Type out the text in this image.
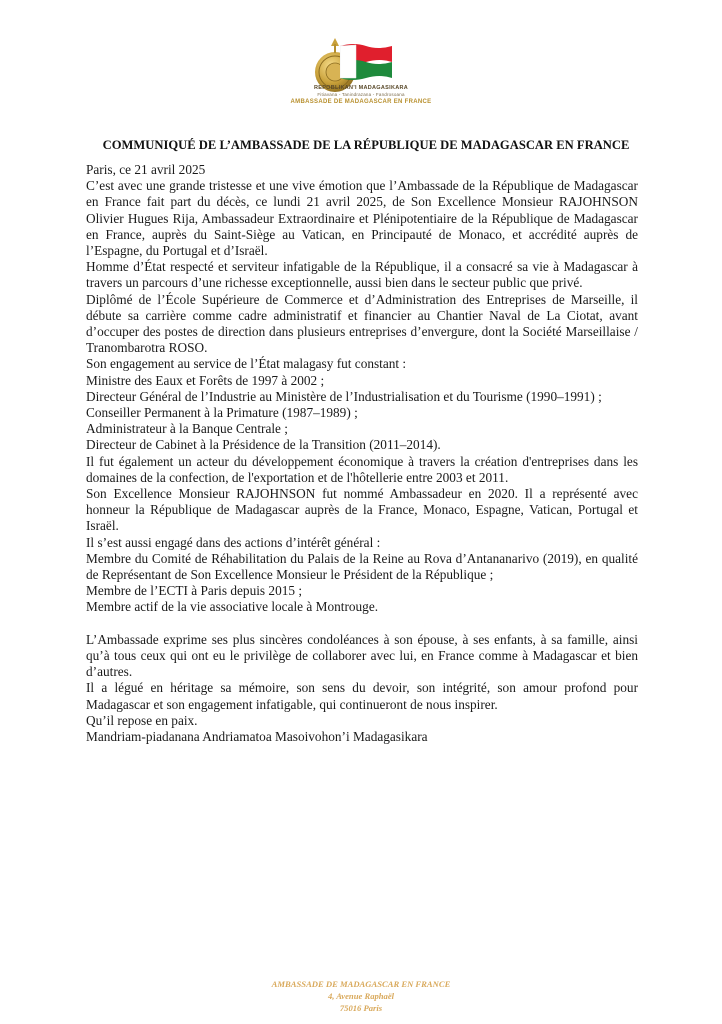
REPOBLIKAN'I MADAGASIKARA
Fitiavana - Tanindrazana - Fandrosoana
AMBASSADE DE MADAGASCAR EN FRANCE
COMMUNIQUÉ DE L’AMBASSADE DE LA RÉPUBLIQUE DE MADAGASCAR EN FRANCE

Paris, ce 21 avril 2025

C’est avec une grande tristesse et une vive émotion que l’Ambassade de la République de Madagascar en France fait part du décès, ce lundi 21 avril 2025, de Son Excellence Monsieur RAJOHNSON Olivier Hugues Rija, Ambassadeur Extraordinaire et Plénipotentiaire de la République de Madagascar en France, auprès du Saint-Siège au Vatican, en Principauté de Monaco, et accrédité auprès de l’Espagne, du Portugal et d’Israël.

Homme d’État respecté et serviteur infatigable de la République, il a consacré sa vie à Madagascar à travers un parcours d’une richesse exceptionnelle, aussi bien dans le secteur public que privé.

Diplômé de l’École Supérieure de Commerce et d’Administration des Entreprises de Marseille, il débute sa carrière comme cadre administratif et financier au Chantier Naval de La Ciotat, avant d’occuper des postes de direction dans plusieurs entreprises d’envergure, dont la Société Marseillaise / Tranombarotra ROSO.

Son engagement au service de l’État malagasy fut constant :

Ministre des Eaux et Forêts de 1997 à 2002 ;

Directeur Général de l’Industrie au Ministère de l’Industrialisation et du Tourisme (1990–1991) ;

Conseiller Permanent à la Primature (1987–1989) ;

Administrateur à la Banque Centrale ;

Directeur de Cabinet à la Présidence de la Transition (2011–2014).

Il fut également un acteur du développement économique à travers la création d'entreprises dans les domaines de la confection, de l'exportation et de l'hôtellerie entre 2003 et 2011.

Son Excellence Monsieur RAJOHNSON fut nommé Ambassadeur en 2020. Il a représenté avec honneur la République de Madagascar auprès de la France, Monaco, Espagne, Vatican, Portugal et Israël.

Il s’est aussi engagé dans des actions d’intérêt général :

Membre du Comité de Réhabilitation du Palais de la Reine au Rova d’Antananarivo (2019), en qualité de Représentant de Son Excellence Monsieur le Président de la République ;

Membre de l’ECTI à Paris depuis 2015 ;

Membre actif de la vie associative locale à Montrouge.

L’Ambassade exprime ses plus sincères condoléances à son épouse, à ses enfants, à sa famille, ainsi qu’à tous ceux qui ont eu le privilège de collaborer avec lui, en France comme à Madagascar et bien d’autres.

Il a légué en héritage sa mémoire, son sens du devoir, son intégrité, son amour profond pour Madagascar et son engagement infatigable, qui continueront de nous inspirer.

Qu’il repose en paix.

Mandriam-piadanana Andriamatoa Masoivohon’i Madagasikara

AMBASSADE DE MADAGASCAR EN FRANCE
4, Avenue Raphaël
75016 Paris
